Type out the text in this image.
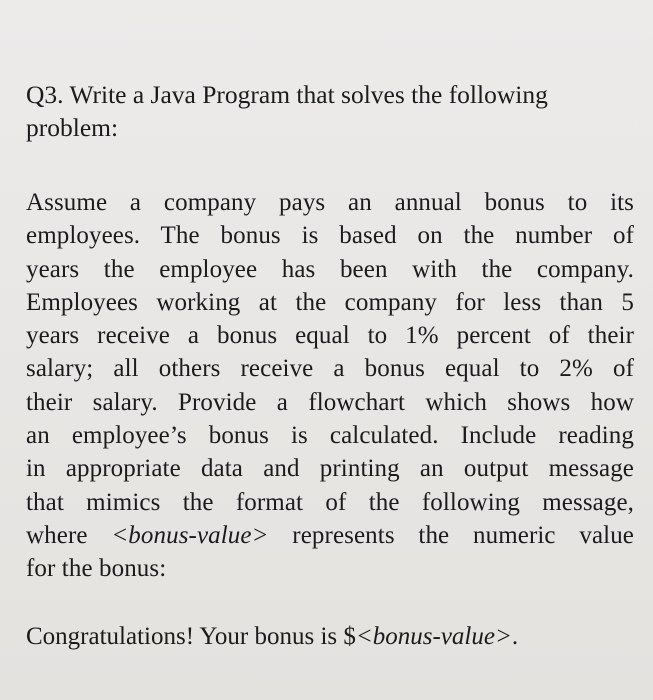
Q3. Write a Java Program that solves the following
problem:
Assume a company pays an annual bonus to its
employees. The bonus is based on the number of
years the employee has been with the company.
Employees working at the company for less than 5
years receive a bonus equal to 1% percent of their
salary; all others receive a bonus equal to 2% of
their salary. Provide a flowchart which shows how
an employee’s bonus is calculated. Include reading
in appropriate data and printing an output message
that mimics the format of the following message,
where <bonus-value> represents the numeric value
for the bonus:
Congratulations! Your bonus is $<bonus-value>.
